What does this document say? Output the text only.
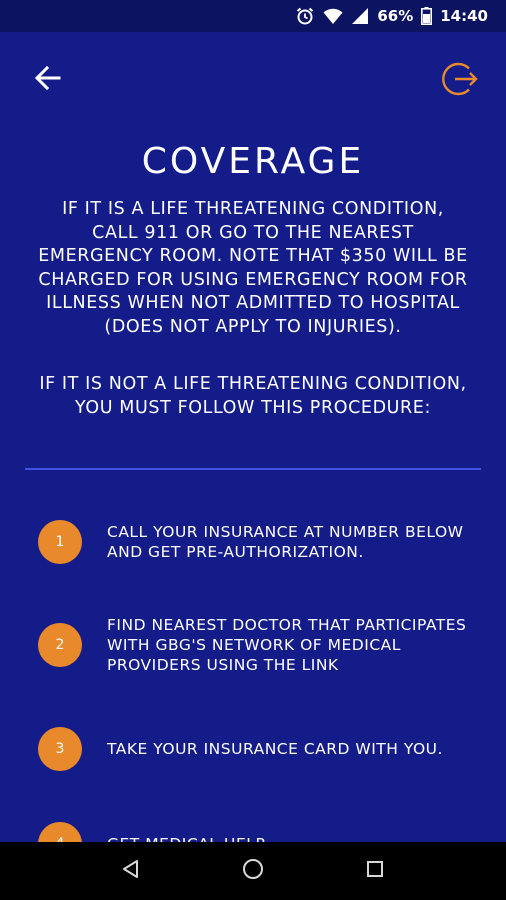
66% 14:40
COVERAGE

IF IT IS A LIFE THREATENING CONDITION, CALL 911 OR GO TO THE NEAREST EMERGENCY ROOM. NOTE THAT $350 WILL BE CHARGED FOR USING EMERGENCY ROOM FOR ILLNESS WHEN NOT ADMITTED TO HOSPITAL (DOES NOT APPLY TO INJURIES).

IF IT IS NOT A LIFE THREATENING CONDITION, YOU MUST FOLLOW THIS PROCEDURE:

1
CALL YOUR INSURANCE AT NUMBER BELOW AND GET PRE-AUTHORIZATION.
2
FIND NEAREST DOCTOR THAT PARTICIPATES WITH GBG'S NETWORK OF MEDICAL PROVIDERS USING THE LINK
3	TAKE YOUR INSURANCE CARD WITH YOU.
